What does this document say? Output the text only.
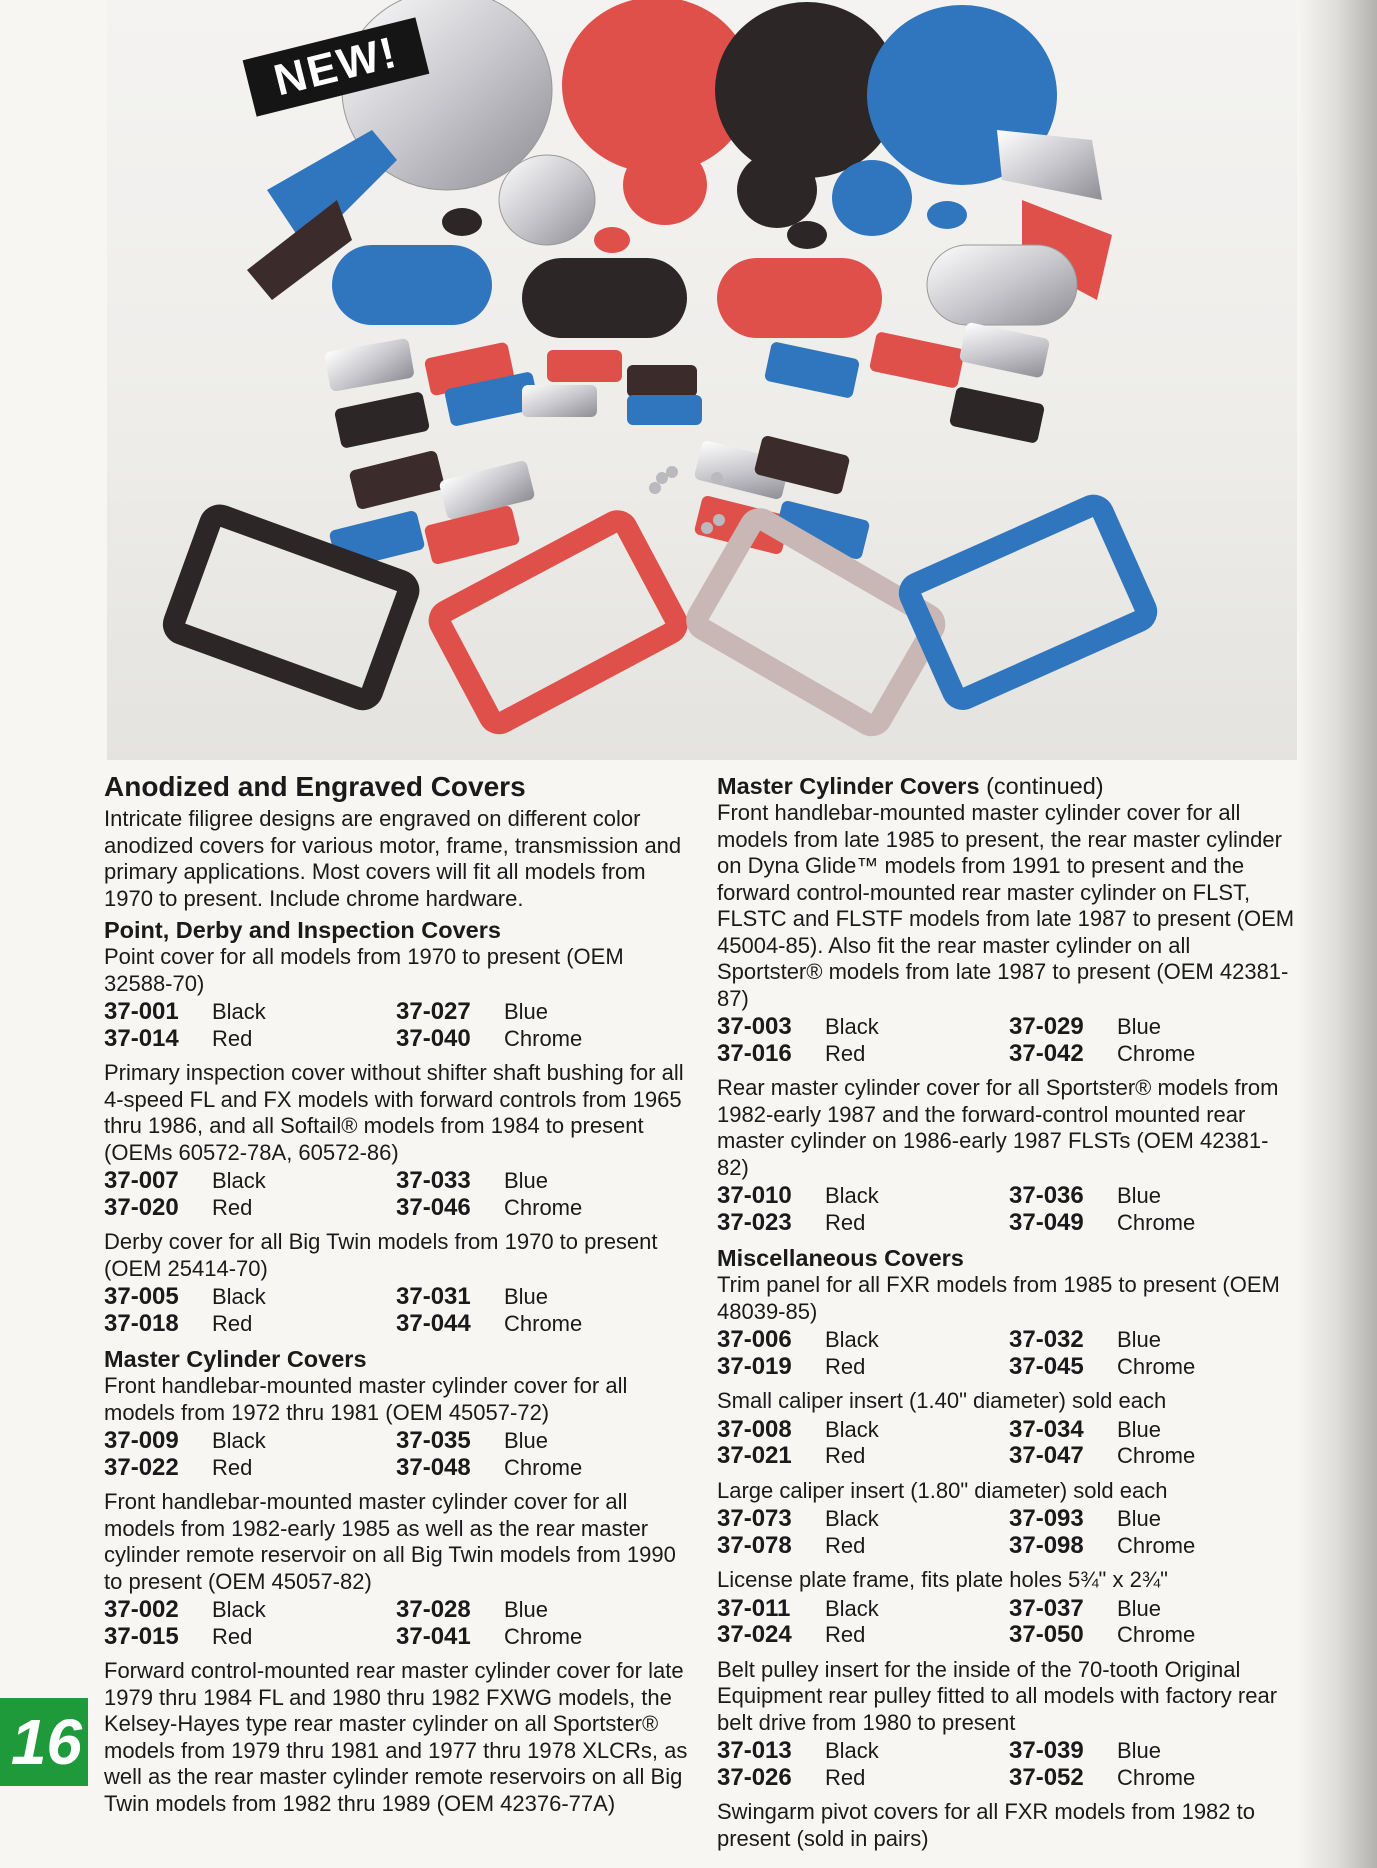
NEW!
Anodized and Engraved Covers

Intricate filigree designs are engraved on different color anodized covers for various motor, frame, transmission and primary applications. Most covers will fit all models from 1970 to present. Include chrome hardware.

Point, Derby and Inspection Covers

Point cover for all models from 1970 to present (OEM 32588-70)

37-001	Black	37-027	Blue
37-014	Red	37-040	Chrome

Primary inspection cover without shifter shaft bushing for all 4-speed FL and FX models with forward controls from 1965 thru 1986, and all Softail® models from 1984 to present (OEMs 60572-78A, 60572-86)

37-007	Black	37-033	Blue
37-020	Red	37-046	Chrome

Derby cover for all Big Twin models from 1970 to present (OEM 25414-70)

37-005	Black	37-031	Blue
37-018	Red	37-044	Chrome
Master Cylinder Covers

Front handlebar-mounted master cylinder cover for all models from 1972 thru 1981 (OEM 45057-72)

37-009	Black	37-035	Blue
37-022	Red	37-048	Chrome

Front handlebar-mounted master cylinder cover for all models from 1982-early 1985 as well as the rear master cylinder remote reservoir on all Big Twin models from 1990 to present (OEM 45057-82)

37-002	Black	37-028	Blue
37-015	Red	37-041	Chrome

Forward control-mounted rear master cylinder cover for late 1979 thru 1984 FL and 1980 thru 1982 FXWG models, the Kelsey-Hayes type rear master cylinder on all Sportster® models from 1979 thru 1981 and 1977 thru 1978 XLCRs, as well as the rear master cylinder remote reservoirs on all Big Twin models from 1982 thru 1989 (OEM 42376-77A)

Master Cylinder Covers (continued)

Front handlebar-mounted master cylinder cover for all models from late 1985 to present, the rear master cylinder on Dyna Glide™ models from 1991 to present and the forward control-mounted rear master cylinder on FLST, FLSTC and FLSTF models from late 1987 to present (OEM 45004-85). Also fit the rear master cylinder on all Sportster® models from late 1987 to present (OEM 42381-87)

37-003	Black	37-029	Blue
37-016	Red	37-042	Chrome

Rear master cylinder cover for all Sportster® models from 1982-early 1987 and the forward-control mounted rear master cylinder on 1986-early 1987 FLSTs (OEM 42381-82)

37-010	Black	37-036	Blue
37-023	Red	37-049	Chrome
Miscellaneous Covers

Trim panel for all FXR models from 1985 to present (OEM 48039-85)

37-006	Black	37-032	Blue
37-019	Red	37-045	Chrome

Small caliper insert (1.40" diameter) sold each

37-008	Black	37-034	Blue
37-021	Red	37-047	Chrome

Large caliper insert (1.80" diameter) sold each

37-073	Black	37-093	Blue
37-078	Red	37-098	Chrome

License plate frame, fits plate holes 5¾" x 2¾"

37-011	Black	37-037	Blue
37-024	Red	37-050	Chrome

Belt pulley insert for the inside of the 70-tooth Original Equipment rear pulley fitted to all models with factory rear belt drive from 1980 to present

37-013	Black	37-039	Blue
37-026	Red	37-052	Chrome

Swingarm pivot covers for all FXR models from 1982 to present (sold in pairs)

16
